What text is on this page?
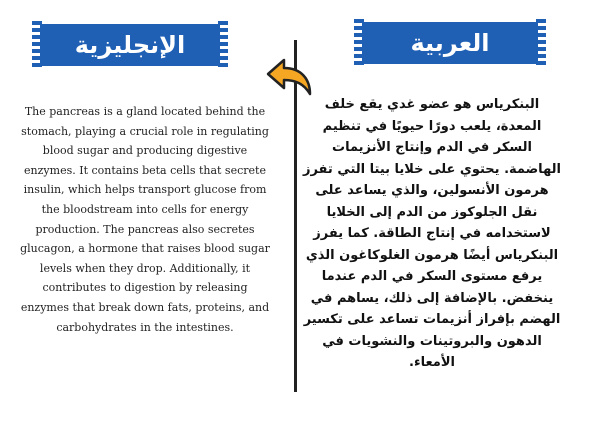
الإنجليزية	العربية
The pancreas is a gland located behind the stomach, playing a crucial role in regulating blood sugar and producing digestive enzymes. It contains beta cells that secrete insulin, which helps transport glucose from the bloodstream into cells for energy production. The pancreas also secretes glucagon, a hormone that raises blood sugar levels when they drop. Additionally, it contributes to digestion by releasing enzymes that break down fats, proteins, and carbohydrates in the intestines.
البنكرياس هو عضو غدي يقع خلف المعدة، يلعب دورًا حيويًا في تنظيم السكر في الدم وإنتاج الأنزيمات الهاضمة. يحتوي على خلايا بيتا التي تفرز هرمون الأنسولين، والذي يساعد على نقل الجلوكوز من الدم إلى الخلايا لاستخدامه في إنتاج الطاقة. كما يفرز البنكرياس أيضًا هرمون الغلوكاغون الذي يرفع مستوى السكر في الدم عندما ينخفض. بالإضافة إلى ذلك، يساهم في الهضم بإفراز أنزيمات تساعد على تكسير الدهون والبروتينات والنشويات في الأمعاء.
